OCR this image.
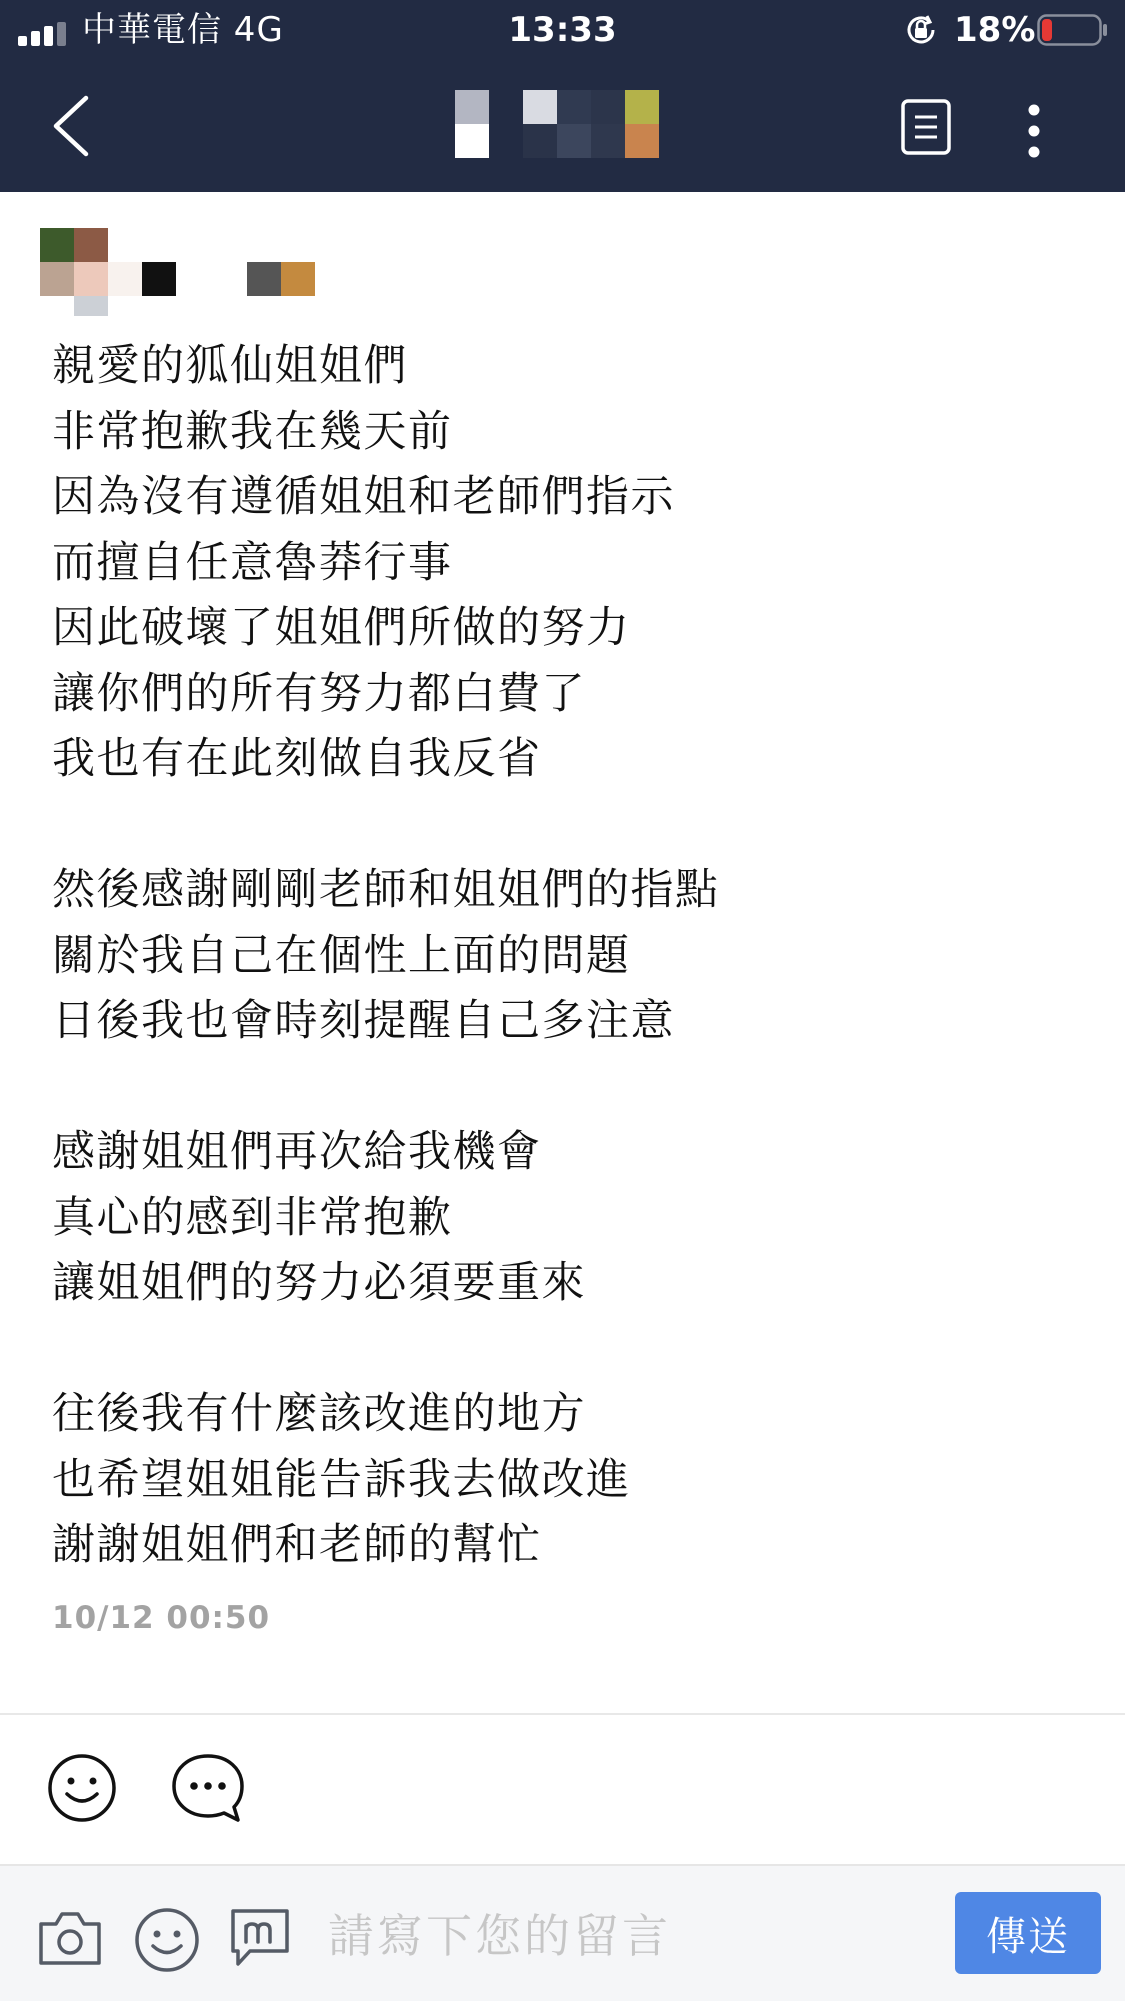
中華電信 4G	13:33	18%
親愛的狐仙姐姐們
非常抱歉我在幾天前
因為沒有遵循姐姐和老師們指示
而擅自任意魯莽行事
因此破壞了姐姐們所做的努力
讓你們的所有努力都白費了
我也有在此刻做自我反省
然後感謝剛剛老師和姐姐們的指點
關於我自己在個性上面的問題
日後我也會時刻提醒自己多注意
感謝姐姐們再次給我機會
真心的感到非常抱歉
讓姐姐們的努力必須要重來
往後我有什麼該改進的地方
也希望姐姐能告訴我去做改進
謝謝姐姐們和老師的幫忙
10/12 00:50
請寫下您的留言
傳送
